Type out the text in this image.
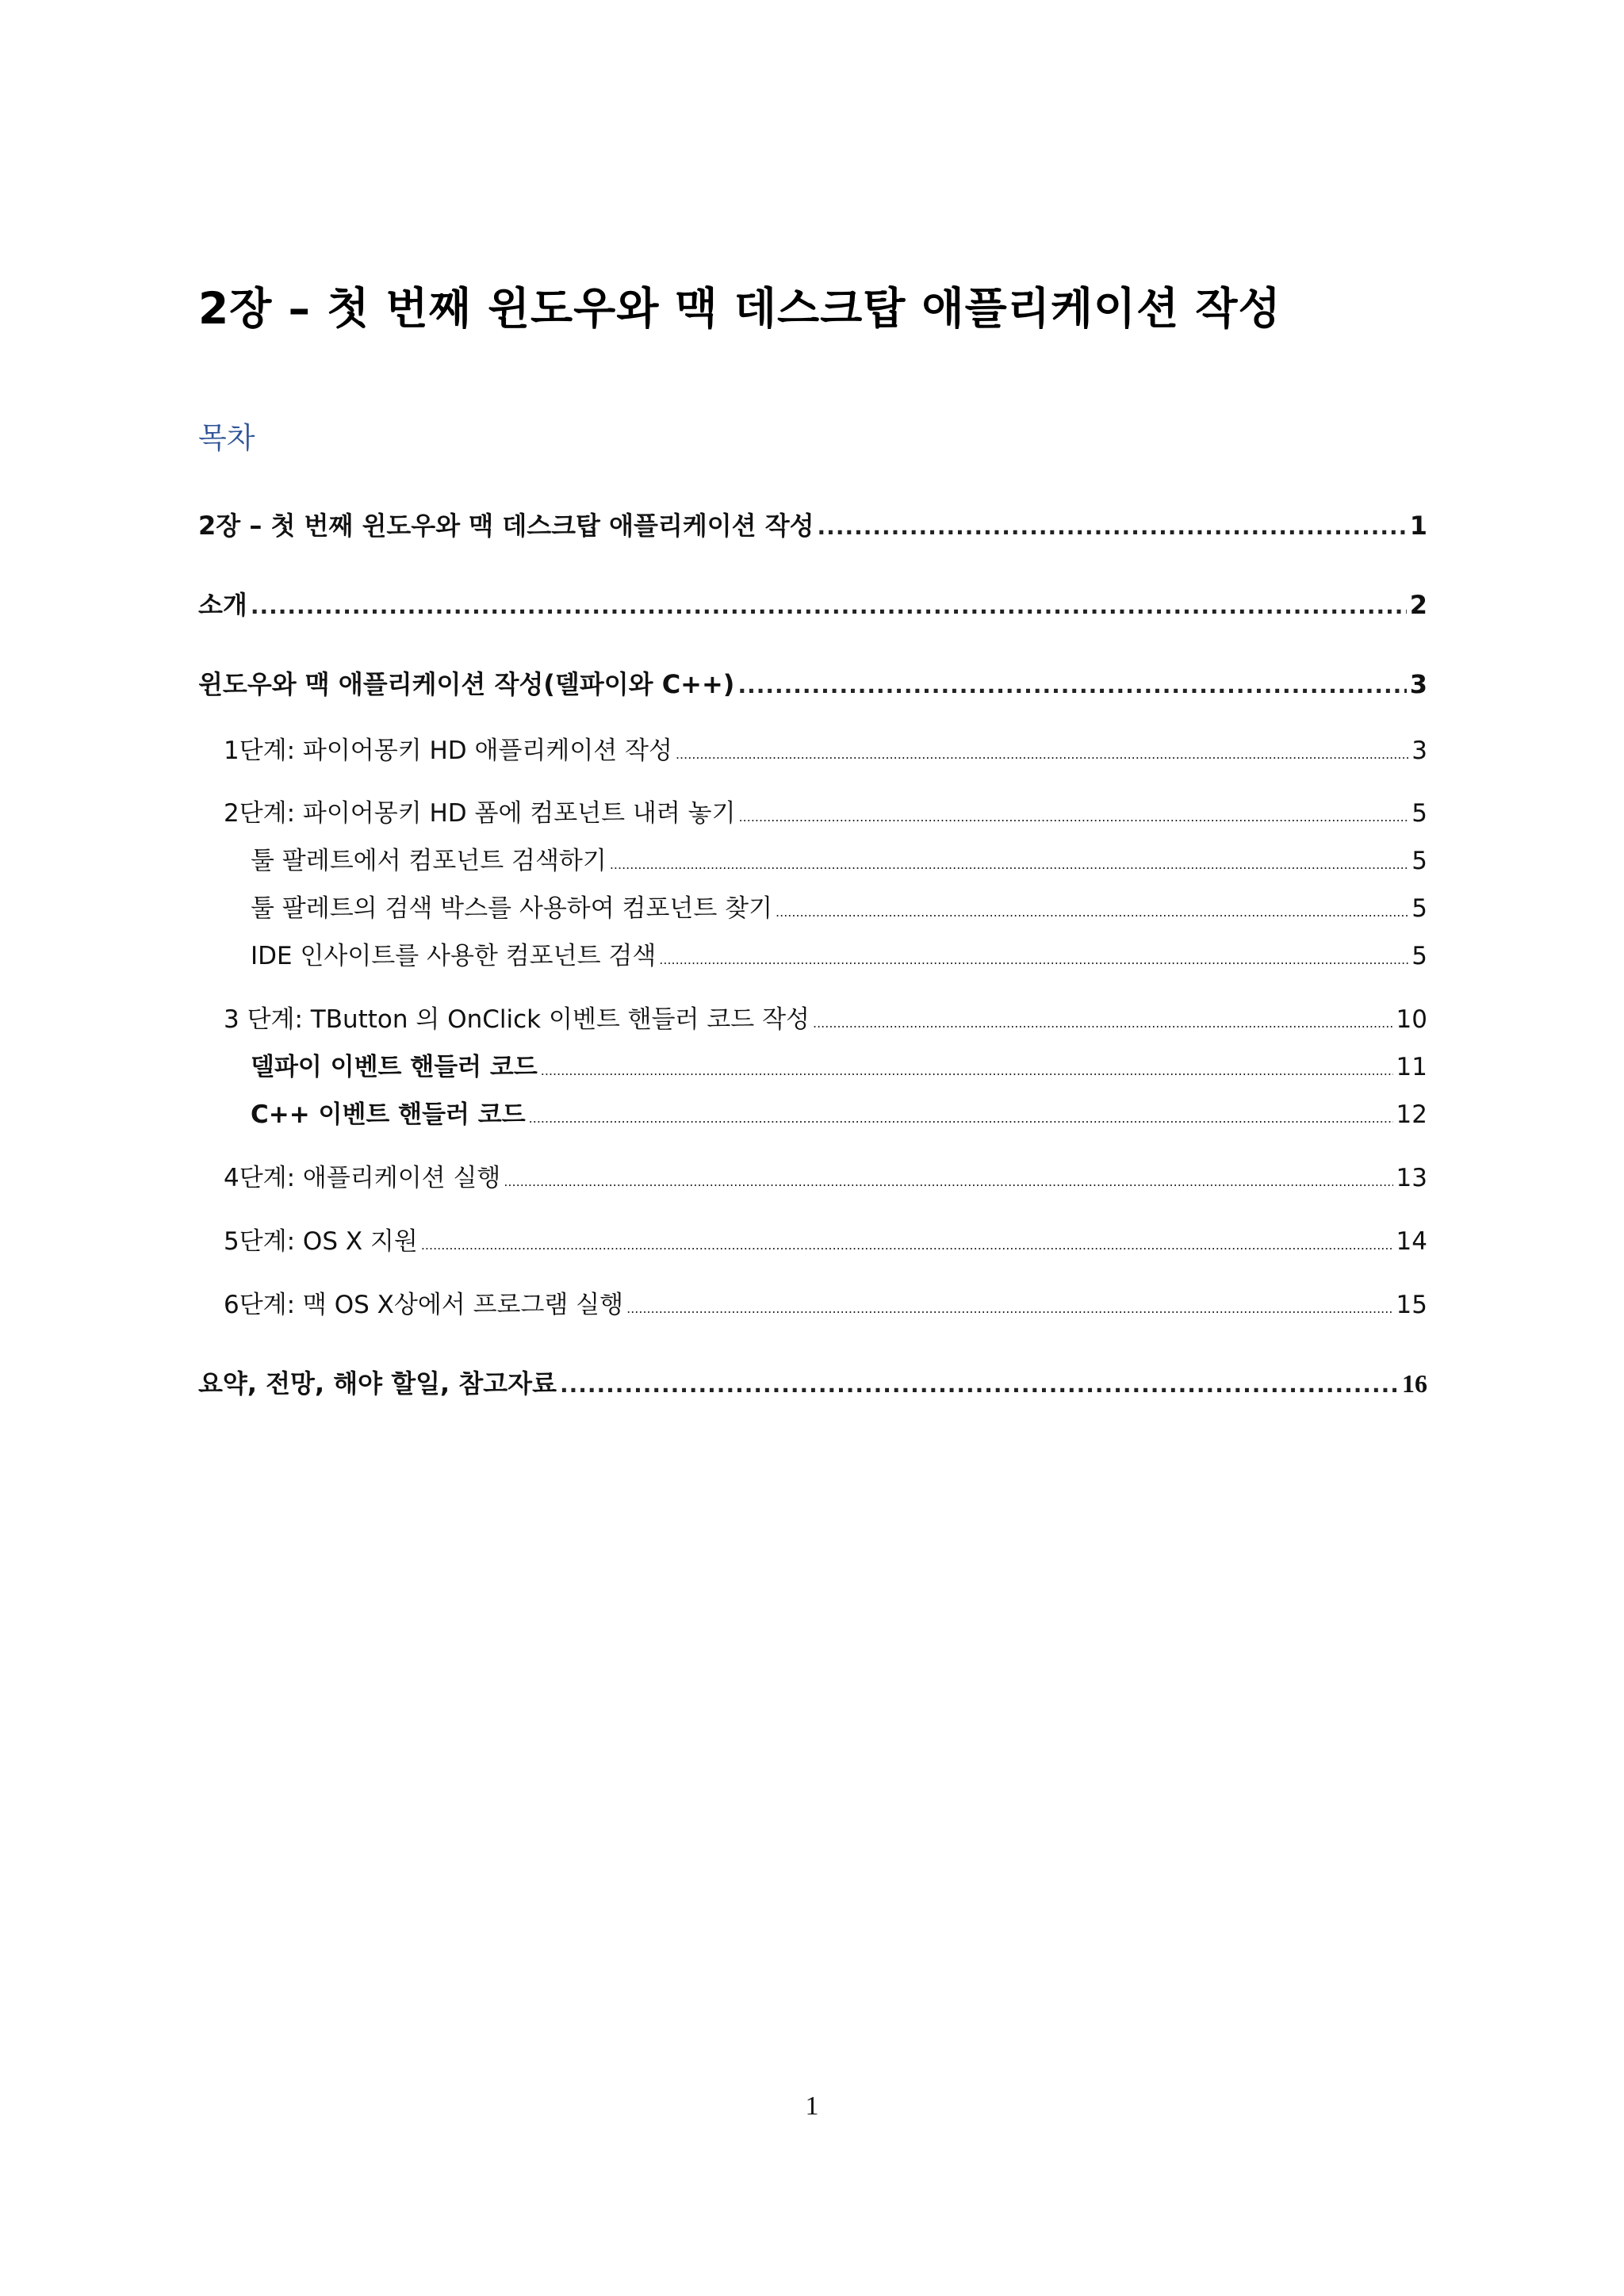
2장 – 첫 번째 윈도우와 맥 데스크탑 애플리케이션 작성
목차
2장 – 첫 번째 윈도우와 맥 데스크탑 애플리케이션 작성 .....	1
소개 .....	2
윈도우와 맥 애플리케이션 작성(델파이와 C++) .....	3
1단계: 파이어몽키 HD 애플리케이션 작성 .....	3
2단계: 파이어몽키 HD 폼에 컴포넌트 내려 놓기 .....	5
툴 팔레트에서 컴포넌트 검색하기 .....	5
툴 팔레트의 검색 박스를 사용하여 컴포넌트 찾기 .....	5
IDE 인사이트를 사용한 컴포넌트 검색 .....	5
3 단계: TButton 의 OnClick 이벤트 핸들러 코드 작성 .....	10
델파이 이벤트 핸들러 코드 .....	11
C++ 이벤트 핸들러 코드 .....	12
4단계: 애플리케이션 실행 .....	13
5단계: OS X 지원 .....	14
6단계: 맥 OS X상에서 프로그램 실행 .....	15
요약, 전망, 해야 할일, 참고자료 .....	16
1
